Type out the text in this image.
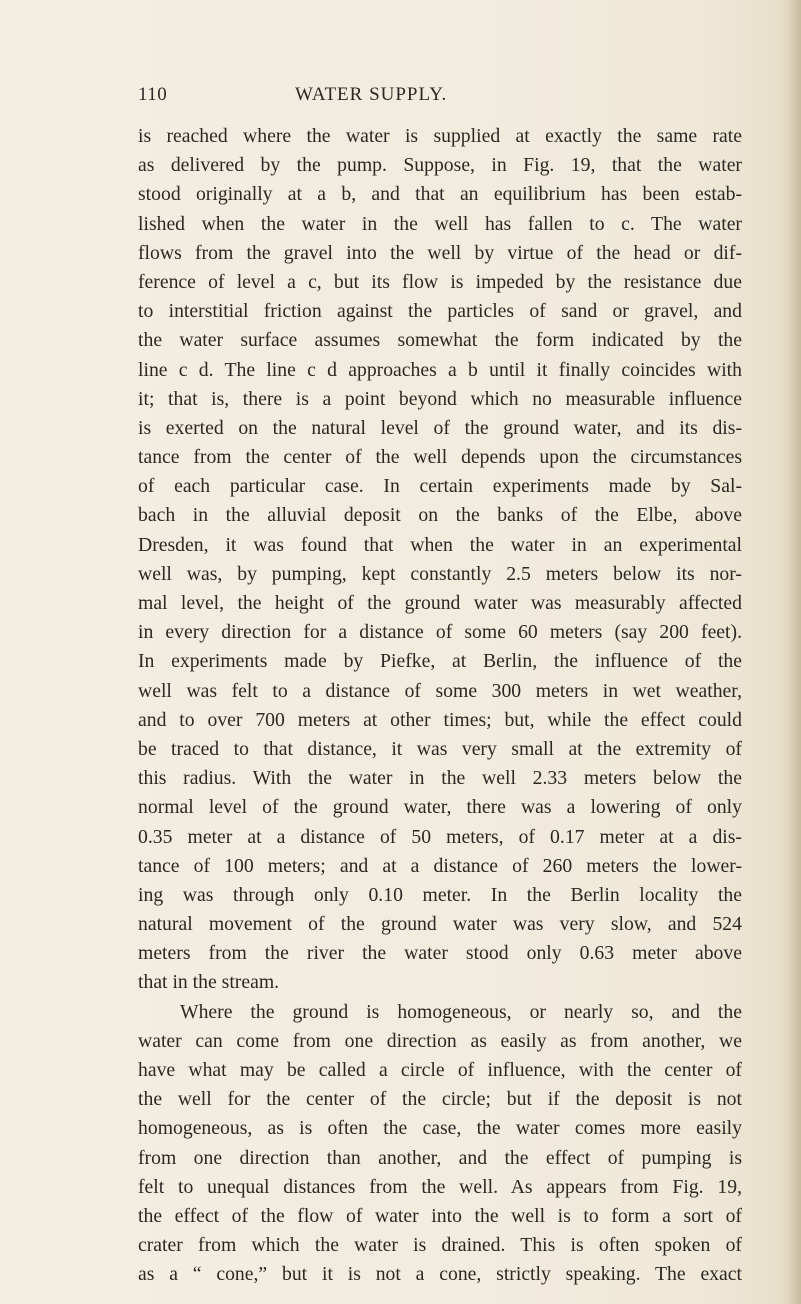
110	WATER SUPPLY.
is reached where the water is supplied at exactly the same rate
as delivered by the pump. Suppose, in Fig. 19, that the water
stood originally at a b, and that an equilibrium has been estab-
lished when the water in the well has fallen to c. The water
flows from the gravel into the well by virtue of the head or dif-
ference of level a c, but its flow is impeded by the resistance due
to interstitial friction against the particles of sand or gravel, and
the water surface assumes somewhat the form indicated by the
line c d. The line c d approaches a b until it finally coincides with
it; that is, there is a point beyond which no measurable influence
is exerted on the natural level of the ground water, and its dis-
tance from the center of the well depends upon the circumstances
of each particular case. In certain experiments made by Sal-
bach in the alluvial deposit on the banks of the Elbe, above
Dresden, it was found that when the water in an experimental
well was, by pumping, kept constantly 2.5 meters below its nor-
mal level, the height of the ground water was measurably affected
in every direction for a distance of some 60 meters (say 200 feet).
In experiments made by Piefke, at Berlin, the influence of the
well was felt to a distance of some 300 meters in wet weather,
and to over 700 meters at other times; but, while the effect could
be traced to that distance, it was very small at the extremity of
this radius. With the water in the well 2.33 meters below the
normal level of the ground water, there was a lowering of only
0.35 meter at a distance of 50 meters, of 0.17 meter at a dis-
tance of 100 meters; and at a distance of 260 meters the lower-
ing was through only 0.10 meter. In the Berlin locality the
natural movement of the ground water was very slow, and 524
meters from the river the water stood only 0.63 meter above
that in the stream.
Where the ground is homogeneous, or nearly so, and the
water can come from one direction as easily as from another, we
have what may be called a circle of influence, with the center of
the well for the center of the circle; but if the deposit is not
homogeneous, as is often the case, the water comes more easily
from one direction than another, and the effect of pumping is
felt to unequal distances from the well. As appears from Fig. 19,
the effect of the flow of water into the well is to form a sort of
crater from which the water is drained. This is often spoken of
as a “ cone,” but it is not a cone, strictly speaking. The exact
